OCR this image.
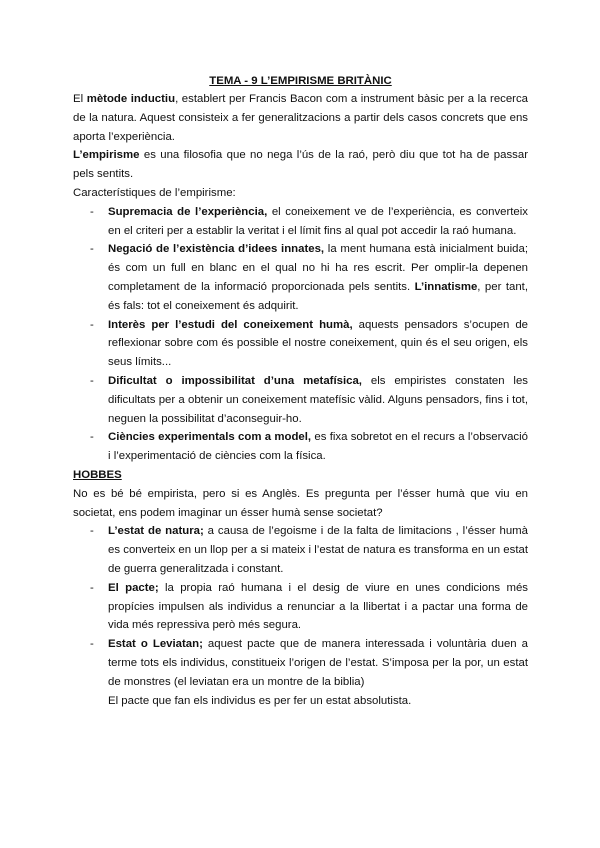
TEMA - 9 L’EMPIRISME BRITÀNIC

El mètode inductiu, establert per Francis Bacon com a instrument bàsic per a la recerca de la natura. Aquest consisteix a fer generalitzacions a partir dels casos concrets que ens aporta l’experiència.

L’empirisme es una filosofia que no nega l’ús de la raó, però diu que tot ha de passar pels sentits.

Característiques de l’empirisme:

- Supremacia de l’experiència, el coneixement ve de l’experiència, es converteix en el criteri per a establir la veritat i el límit fins al qual pot accedir la raó humana.
- Negació de l’existència d’idees innates, la ment humana està inicialment buida; és com un full en blanc en el qual no hi ha res escrit. Per omplir-la depenen completament de la informació proporcionada pels sentits. L’innatisme, per tant, és fals: tot el coneixement és adquirit.
- Interès per l’estudi del coneixement humà, aquests pensadors s’ocupen de reflexionar sobre com és possible el nostre coneixement, quin és el seu origen, els seus límits...
- Dificultat o impossibilitat d’una metafísica, els empiristes constaten les dificultats per a obtenir un coneixement matefísic vàlid. Alguns pensadors, fins i tot, neguen la possibilitat d’aconseguir-ho.
- Ciències experimentals com a model, es fixa sobretot en el recurs a l’observació i l’experimentació de ciències com la física.

HOBBES

No es bé bé empirista, pero si es Anglès. Es pregunta per l’ésser humà que viu en societat, ens podem imaginar un ésser humà sense societat?

- L’estat de natura; a causa de l’egoisme i de la falta de limitacions , l’ésser humà es converteix en un llop per a si mateix i l’estat de natura es transforma en un estat de guerra generalitzada i constant.
- El pacte; la propia raó humana i el desig de viure en unes condicions més propícies impulsen als individus a renunciar a la llibertat i a pactar una forma de vida més repressiva però més segura.
- Estat o Leviatan; aquest pacte que de manera interessada i voluntària duen a terme tots els individus, constitueix l’origen de l’estat. S’imposa per la por, un estat de monstres (el leviatan era un montre de la biblia)
El pacte que fan els individus es per fer un estat absolutista.
